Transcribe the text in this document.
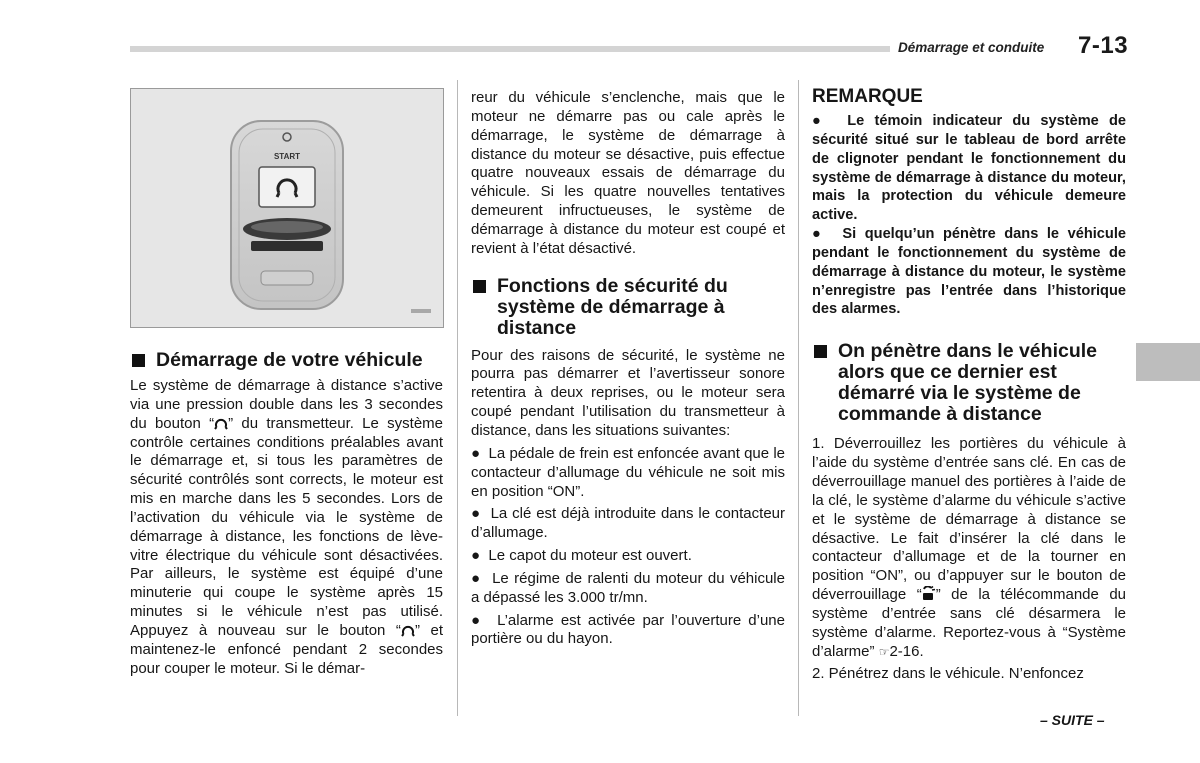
Démarrage et conduite 7-13
START
Démarrage de votre véhicule

Le système de démarrage à distance s’active via une pression double dans les 3 secondes du bouton “ ” du transmetteur. Le système contrôle certaines conditions préalables avant le démarrage et, si tous les paramètres de sécurité contrôlés sont corrects, le moteur est mis en marche dans les 5 secondes. Lors de l’activation du véhicule via le système de démarrage à distance, les fonctions de lève-vitre électrique du véhicule sont désactivées. Par ailleurs, le système est équipé d’une minuterie qui coupe le système après 15 minutes si le véhicule n’est pas utilisé. Appuyez à nouveau sur le bouton “ ” et maintenez-le enfoncé pendant 2 secondes pour couper le moteur. Si le démar-

reur du véhicule s’enclenche, mais que le moteur ne démarre pas ou cale après le démarrage, le système de démarrage à distance du moteur se désactive, puis effectue quatre nouveaux essais de démarrage du véhicule. Si les quatre nouvelles tentatives demeurent infructueuses, le système de démarrage à distance du moteur est coupé et revient à l’état désactivé.

Fonctions de sécurité du système de démarrage à distance

Pour des raisons de sécurité, le système ne pourra pas démarrer et l’avertisseur sonore retentira à deux reprises, ou le moteur sera coupé pendant l’utilisation du transmetteur à distance, dans les situations suivantes:

●  La pédale de frein est enfoncée avant que le contacteur d’allumage du véhicule ne soit mis en position “ON”.

●  La clé est déjà introduite dans le contacteur d’allumage.

●  Le capot du moteur est ouvert.

●  Le régime de ralenti du moteur du véhicule a dépassé les 3.000 tr/mn.

●  L’alarme est activée par l’ouverture d’une portière ou du hayon.

REMARQUE

●  Le témoin indicateur du système de sécurité situé sur le tableau de bord arrête de clignoter pendant le fonctionnement du système de démarrage à distance du moteur, mais la protection du véhicule demeure active.

●  Si quelqu’un pénètre dans le véhicule pendant le fonctionnement du système de démarrage à distance du moteur, le système n’enregistre pas l’entrée dans l’historique des alarmes.

On pénètre dans le véhicule alors que ce dernier est démarré via le système de commande à distance

1. Déverrouillez les portières du véhicule à l’aide du système d’entrée sans clé. En cas de déverrouillage manuel des portières à l’aide de la clé, le système d’alarme du véhicule s’active et le système de démarrage à distance se désactive. Le fait d’insérer la clé dans le contacteur d’allumage et de la tourner en position “ON”, ou d’appuyer sur le bouton de déverrouillage “ ” de la télécommande du système d’entrée sans clé désarmera le système d’alarme. Reportez-vous à “Système d’alarme” ☞2-16.

2. Pénétrez dans le véhicule. N’enfoncez

– SUITE –
